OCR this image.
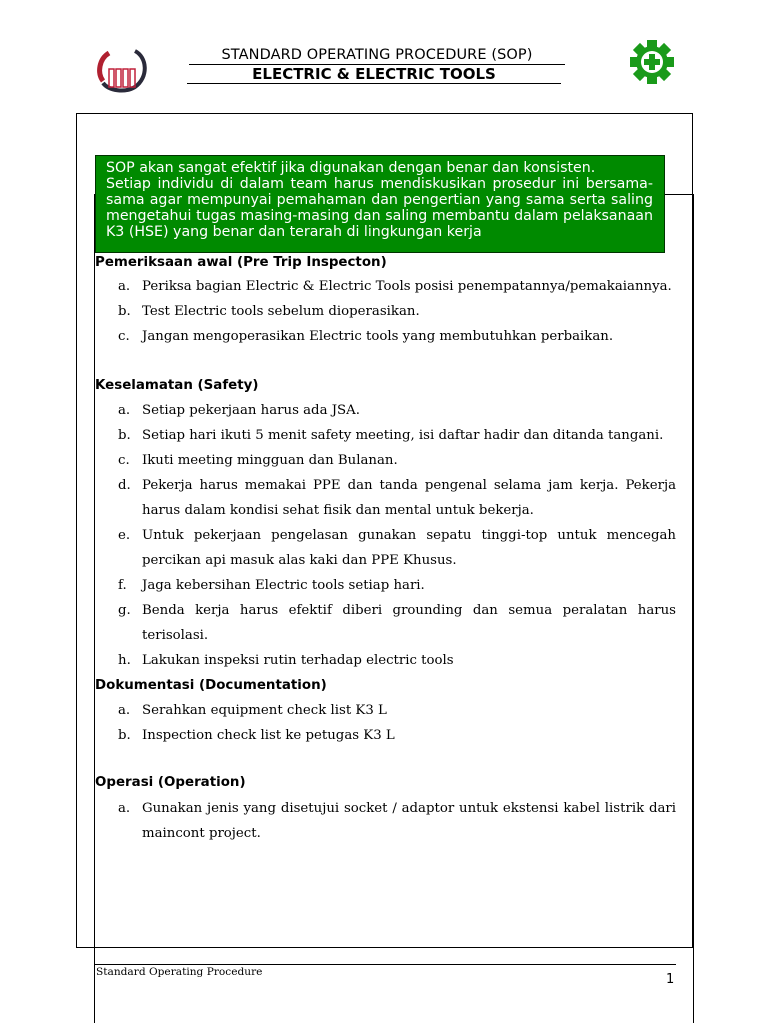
STANDARD OPERATING PROCEDURE (SOP)
ELECTRIC & ELECTRIC TOOLS

SOP akan sangat efektif jika digunakan dengan benar dan konsisten.

Setiap individu di dalam team harus mendiskusikan prosedur ini bersama-sama agar mempunyai pemahaman dan pengertian yang sama serta saling mengetahui tugas masing-masing dan saling membantu dalam pelaksanaan K3 (HSE) yang benar dan terarah di lingkungan kerja

Pemeriksaan awal (Pre Trip Inspecton)
a. Periksa bagian Electric & Electric Tools posisi penempatannya/pemakaiannya.
b. Test Electric tools sebelum dioperasikan.
c. Jangan mengoperasikan Electric tools yang membutuhkan perbaikan.
Keselamatan (Safety)
a. Setiap pekerjaan harus ada JSA.
b. Setiap hari ikuti 5 menit safety meeting, isi daftar hadir dan ditanda tangani.
c. Ikuti meeting mingguan dan Bulanan.
d. Pekerja harus memakai PPE dan tanda pengenal selama jam kerja. Pekerja harus dalam kondisi sehat fisik dan mental untuk bekerja.
e. Untuk pekerjaan pengelasan gunakan sepatu tinggi-top untuk mencegah percikan api masuk alas kaki dan PPE Khusus.
f. Jaga kebersihan Electric tools setiap hari.
g. Benda kerja harus efektif diberi grounding dan semua peralatan harus terisolasi.
h. Lakukan inspeksi rutin terhadap electric tools
Dokumentasi (Documentation)
a. Serahkan equipment check list K3 L
b. Inspection check list ke petugas K3 L
Operasi (Operation)
a. Gunakan jenis yang disetujui socket / adaptor untuk ekstensi kabel listrik dari maincont project.
Standard Operating Procedure	1
